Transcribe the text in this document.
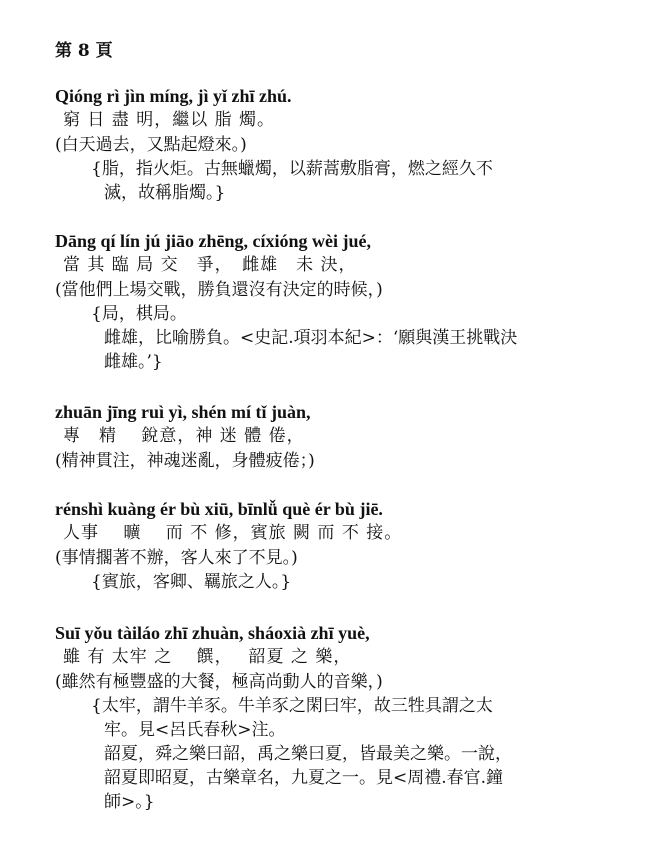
第 8 頁
Qióng rì jìn míng, jì yǐ zhī zhú.
窮 日 盡 明，繼以 脂 燭。
(白天過去，又點起燈來。)
{脂，指火炬。古無蠟燭，以薪蒿敷脂膏，燃之經久不
滅，故稱脂燭。}
Dāng qí lín jú jiāo zhēng, cíxióng wèi jué,
當 其 臨 局 交　爭，　雌雄　未 決，
(當他們上場交戰，勝負還沒有決定的時候，)
{局，棋局。
雌雄，比喻勝負。<史記.項羽本紀>：‘願與漢王挑戰決
雌雄。’}
zhuān jīng ruì yì, shén mí tǐ juàn,
專　精　 銳意，神 迷 體 倦，
(精神貫注，神魂迷亂，身體疲倦；)
rénshì kuàng ér bù xiū, bīnlǚ què ér bù jiē.
人事　 曠　 而 不 修，賓旅 闕 而 不 接。
(事情擱著不辦，客人來了不見。)
{賓旅，客卿、羈旅之人。}
Suī yǒu tàiláo zhī zhuàn, sháoxià zhī yuè,
雖 有 太牢 之　 饌，　 韶夏 之 樂，
(雖然有極豐盛的大餐，極高尚動人的音樂，)
{太牢，謂牛羊豕。牛羊豕之閑曰牢，故三牲具謂之太
牢。見<呂氏春秋>注。
韶夏，舜之樂曰韶，禹之樂曰夏，皆最美之樂。一說，
韶夏即昭夏，古樂章名，九夏之一。見<周禮.春官.鐘
師>。}
